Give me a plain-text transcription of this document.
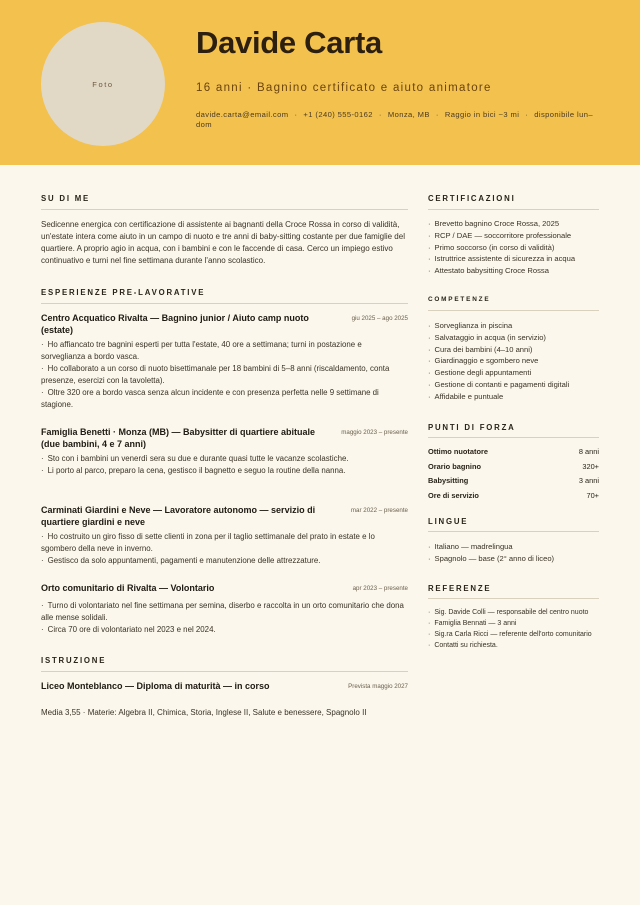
Foto
Davide Carta
16 anni · Bagnino certificato e aiuto animatore
davide.carta@email.com · +1 (240) 555-0162 · Monza, MB · Raggio in bici ~3 mi · disponibile lun–dom
SU DI ME
Sedicenne energica con certificazione di assistente ai bagnanti della Croce Rossa in corso di validità, un'estate intera come aiuto in un campo di nuoto e tre anni di baby-sitting costante per due famiglie del quartiere. A proprio agio in acqua, con i bambini e con le faccende di casa. Cerco un impiego estivo continuativo e turni nel fine settimana durante l'anno scolastico.
ESPERIENZE PRE-LAVORATIVE
Centro Acquatico Rivalta — Bagnino junior / Aiuto camp nuoto (estate)
giu 2025 – ago 2025
· Ho affiancato tre bagnini esperti per tutta l'estate, 40 ore a settimana; turni in postazione e sorveglianza a bordo vasca.
· Ho collaborato a un corso di nuoto bisettimanale per 18 bambini di 5–8 anni (riscaldamento, conta presenze, esercizi con la tavoletta).
· Oltre 320 ore a bordo vasca senza alcun incidente e con presenza perfetta nelle 9 settimane di stagione.
Famiglia Benetti · Monza (MB) — Babysitter di quartiere abituale (due bambini, 4 e 7 anni)
maggio 2023 – presente
· Sto con i bambini un venerdì sera su due e durante quasi tutte le vacanze scolastiche.
· Li porto al parco, preparo la cena, gestisco il bagnetto e seguo la routine della nanna.
Carminati Giardini e Neve — Lavoratore autonomo — servizio di quartiere giardini e neve
mar 2022 – presente
· Ho costruito un giro fisso di sette clienti in zona per il taglio settimanale del prato in estate e lo sgombero della neve in inverno.
· Gestisco da solo appuntamenti, pagamenti e manutenzione delle attrezzature.
Orto comunitario di Rivalta — Volontario	apr 2023 – presente
· Turno di volontariato nel fine settimana per semina, diserbo e raccolta in un orto comunitario che dona alle mense solidali.
· Circa 70 ore di volontariato nel 2023 e nel 2024.
ISTRUZIONE
Liceo Monteblanco — Diploma di maturità — in corso	Prevista maggio 2027
Media 3,55 · Materie: Algebra II, Chimica, Storia, Inglese II, Salute e benessere, Spagnolo II
CERTIFICAZIONI
· Brevetto bagnino Croce Rossa, 2025
· RCP / DAE — soccorritore professionale
· Primo soccorso (in corso di validità)
· Istruttrice assistente di sicurezza in acqua
· Attestato babysitting Croce Rossa
COMPETENZE
· Sorveglianza in piscina
· Salvataggio in acqua (in servizio)
· Cura dei bambini (4–10 anni)
· Giardinaggio e sgombero neve
· Gestione degli appuntamenti
· Gestione di contanti e pagamenti digitali
· Affidabile e puntuale
PUNTI DI FORZA
Ottimo nuotatore	8 anni
Orario bagnino	320+
Babysitting	3 anni
Ore di servizio	70+
LINGUE
· Italiano — madrelingua
· Spagnolo — base (2° anno di liceo)
REFERENZE
· Sig. Davide Colli — responsabile del centro nuoto
· Famiglia Bennati — 3 anni
· Sig.ra Carla Ricci — referente dell'orto comunitario
· Contatti su richiesta.
